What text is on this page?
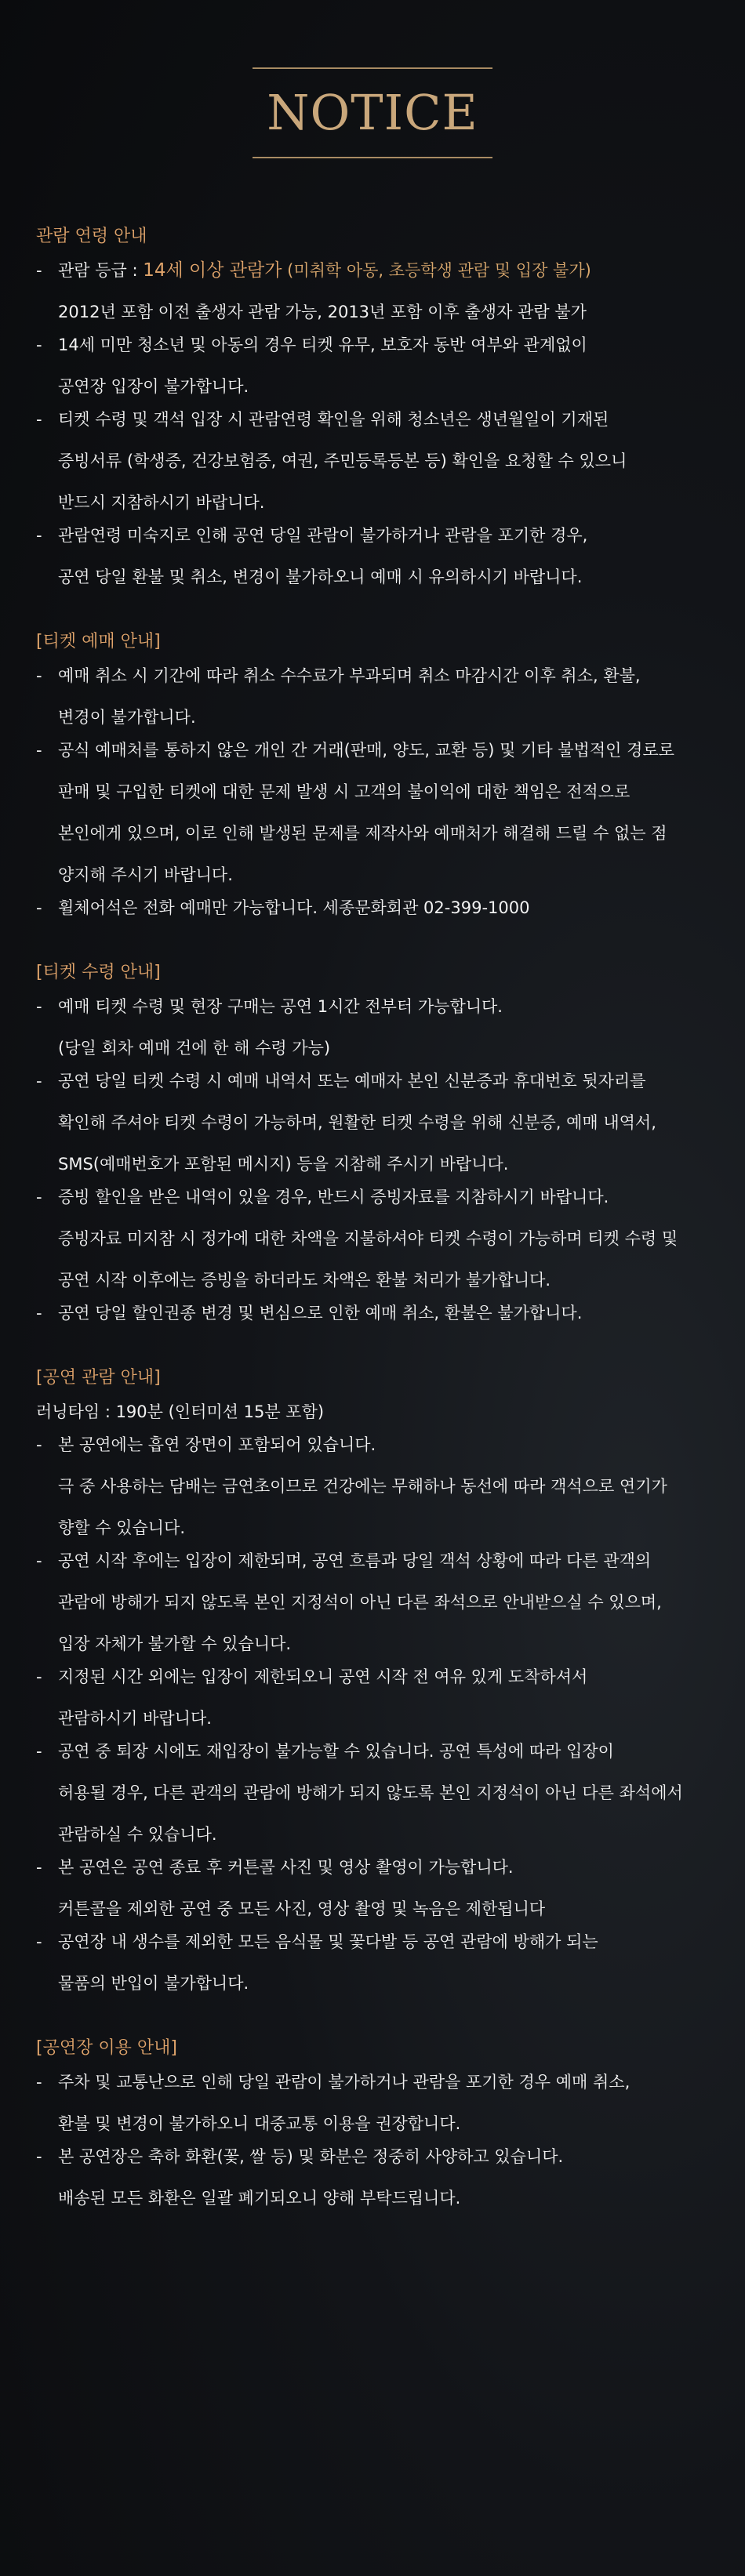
NOTICE
관람 연령 안내
- 관람 등급 : 14세 이상 관람가 (미취학 아동, 초등학생 관람 및 입장 불가)
2012년 포함 이전 출생자 관람 가능, 2013년 포함 이후 출생자 관람 불가
- 14세 미만 청소년 및 아동의 경우 티켓 유무, 보호자 동반 여부와 관계없이
공연장 입장이 불가합니다.
- 티켓 수령 및 객석 입장 시 관람연령 확인을 위해 청소년은 생년월일이 기재된
증빙서류 (학생증, 건강보험증, 여권, 주민등록등본 등) 확인을 요청할 수 있으니
반드시 지참하시기 바랍니다.
- 관람연령 미숙지로 인해 공연 당일 관람이 불가하거나 관람을 포기한 경우,
공연 당일 환불 및 취소, 변경이 불가하오니 예매 시 유의하시기 바랍니다.
[티켓 예매 안내]
- 예매 취소 시 기간에 따라 취소 수수료가 부과되며 취소 마감시간 이후 취소, 환불,
변경이 불가합니다.
- 공식 예매처를 통하지 않은 개인 간 거래(판매, 양도, 교환 등) 및 기타 불법적인 경로로
판매 및 구입한 티켓에 대한 문제 발생 시 고객의 불이익에 대한 책임은 전적으로
본인에게 있으며, 이로 인해 발생된 문제를 제작사와 예매처가 해결해 드릴 수 없는 점
양지해 주시기 바랍니다.
- 휠체어석은 전화 예매만 가능합니다. 세종문화회관 02-399-1000
[티켓 수령 안내]
- 예매 티켓 수령 및 현장 구매는 공연 1시간 전부터 가능합니다.
(당일 회차 예매 건에 한 해 수령 가능)
- 공연 당일 티켓 수령 시 예매 내역서 또는 예매자 본인 신분증과 휴대번호 뒷자리를
확인해 주셔야 티켓 수령이 가능하며, 원활한 티켓 수령을 위해 신분증, 예매 내역서,
SMS(예매번호가 포함된 메시지) 등을 지참해 주시기 바랍니다.
- 증빙 할인을 받은 내역이 있을 경우, 반드시 증빙자료를 지참하시기 바랍니다.
증빙자료 미지참 시 정가에 대한 차액을 지불하셔야 티켓 수령이 가능하며 티켓 수령 및
공연 시작 이후에는 증빙을 하더라도 차액은 환불 처리가 불가합니다.
- 공연 당일 할인권종 변경 및 변심으로 인한 예매 취소, 환불은 불가합니다.
[공연 관람 안내]
러닝타임 : 190분 (인터미션 15분 포함)
- 본 공연에는 흡연 장면이 포함되어 있습니다.
극 중 사용하는 담배는 금연초이므로 건강에는 무해하나 동선에 따라 객석으로 연기가
향할 수 있습니다.
- 공연 시작 후에는 입장이 제한되며, 공연 흐름과 당일 객석 상황에 따라 다른 관객의
관람에 방해가 되지 않도록 본인 지정석이 아닌 다른 좌석으로 안내받으실 수 있으며,
입장 자체가 불가할 수 있습니다.
- 지정된 시간 외에는 입장이 제한되오니 공연 시작 전 여유 있게 도착하셔서
관람하시기 바랍니다.
- 공연 중 퇴장 시에도 재입장이 불가능할 수 있습니다. 공연 특성에 따라 입장이
허용될 경우, 다른 관객의 관람에 방해가 되지 않도록 본인 지정석이 아닌 다른 좌석에서
관람하실 수 있습니다.
- 본 공연은 공연 종료 후 커튼콜 사진 및 영상 촬영이 가능합니다.
커튼콜을 제외한 공연 중 모든 사진, 영상 촬영 및 녹음은 제한됩니다
- 공연장 내 생수를 제외한 모든 음식물 및 꽃다발 등 공연 관람에 방해가 되는
물품의 반입이 불가합니다.
[공연장 이용 안내]
- 주차 및 교통난으로 인해 당일 관람이 불가하거나 관람을 포기한 경우 예매 취소,
환불 및 변경이 불가하오니 대중교통 이용을 권장합니다.
- 본 공연장은 축하 화환(꽃, 쌀 등) 및 화분은 정중히 사양하고 있습니다.
배송된 모든 화환은 일괄 폐기되오니 양해 부탁드립니다.
